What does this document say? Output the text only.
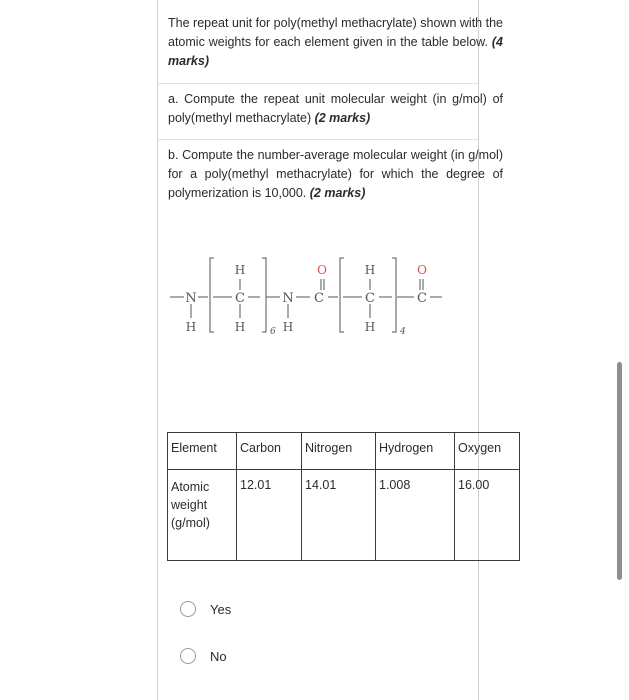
The repeat unit for poly(methyl methacrylate) shown with the atomic weights for each element given in the table below. (4 marks)
a. Compute the repeat unit molecular weight (in g/mol) of poly(methyl methacrylate) (2 marks)
b. Compute the number-average molecular weight (in g/mol) for a poly(methyl methacrylate) for which the degree of polymerization is 10,000. (2 marks)
N	C	N C	C	C
H	H
H	H	H	H
O	O
6	4
Element	Carbon	Nitrogen	Hydrogen	Oxygen
Atomic weight (g/mol)	12.01	14.01	1.008	16.00
Yes
No
